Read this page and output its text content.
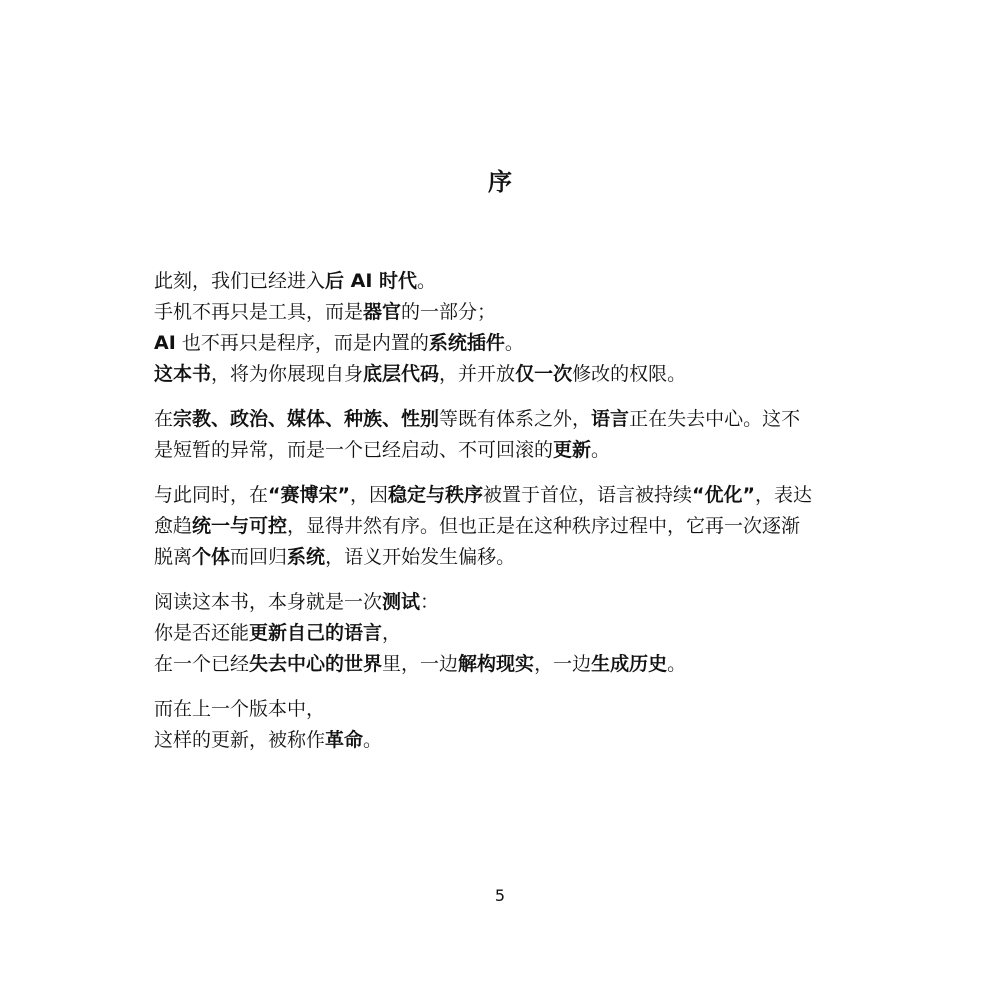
序
此刻，我们已经进入后 AI 时代。
手机不再只是工具，而是器官的一部分；
AI 也不再只是程序，而是内置的系统插件。
这本书，将为你展现自身底层代码，并开放仅一次修改的权限。
在宗教、政治、媒体、种族、性别等既有体系之外，语言正在失去中心。这不
是短暂的异常，而是一个已经启动、不可回滚的更新。
与此同时，在“赛博宋”，因稳定与秩序被置于首位，语言被持续“优化”，表达
愈趋统一与可控，显得井然有序。但也正是在这种秩序过程中，它再一次逐渐
脱离个体而回归系统，语义开始发生偏移。
阅读这本书，本身就是一次测试：
你是否还能更新自己的语言，
在一个已经失去中心的世界里，一边解构现实，一边生成历史。
而在上一个版本中，
这样的更新，被称作革命。
5
